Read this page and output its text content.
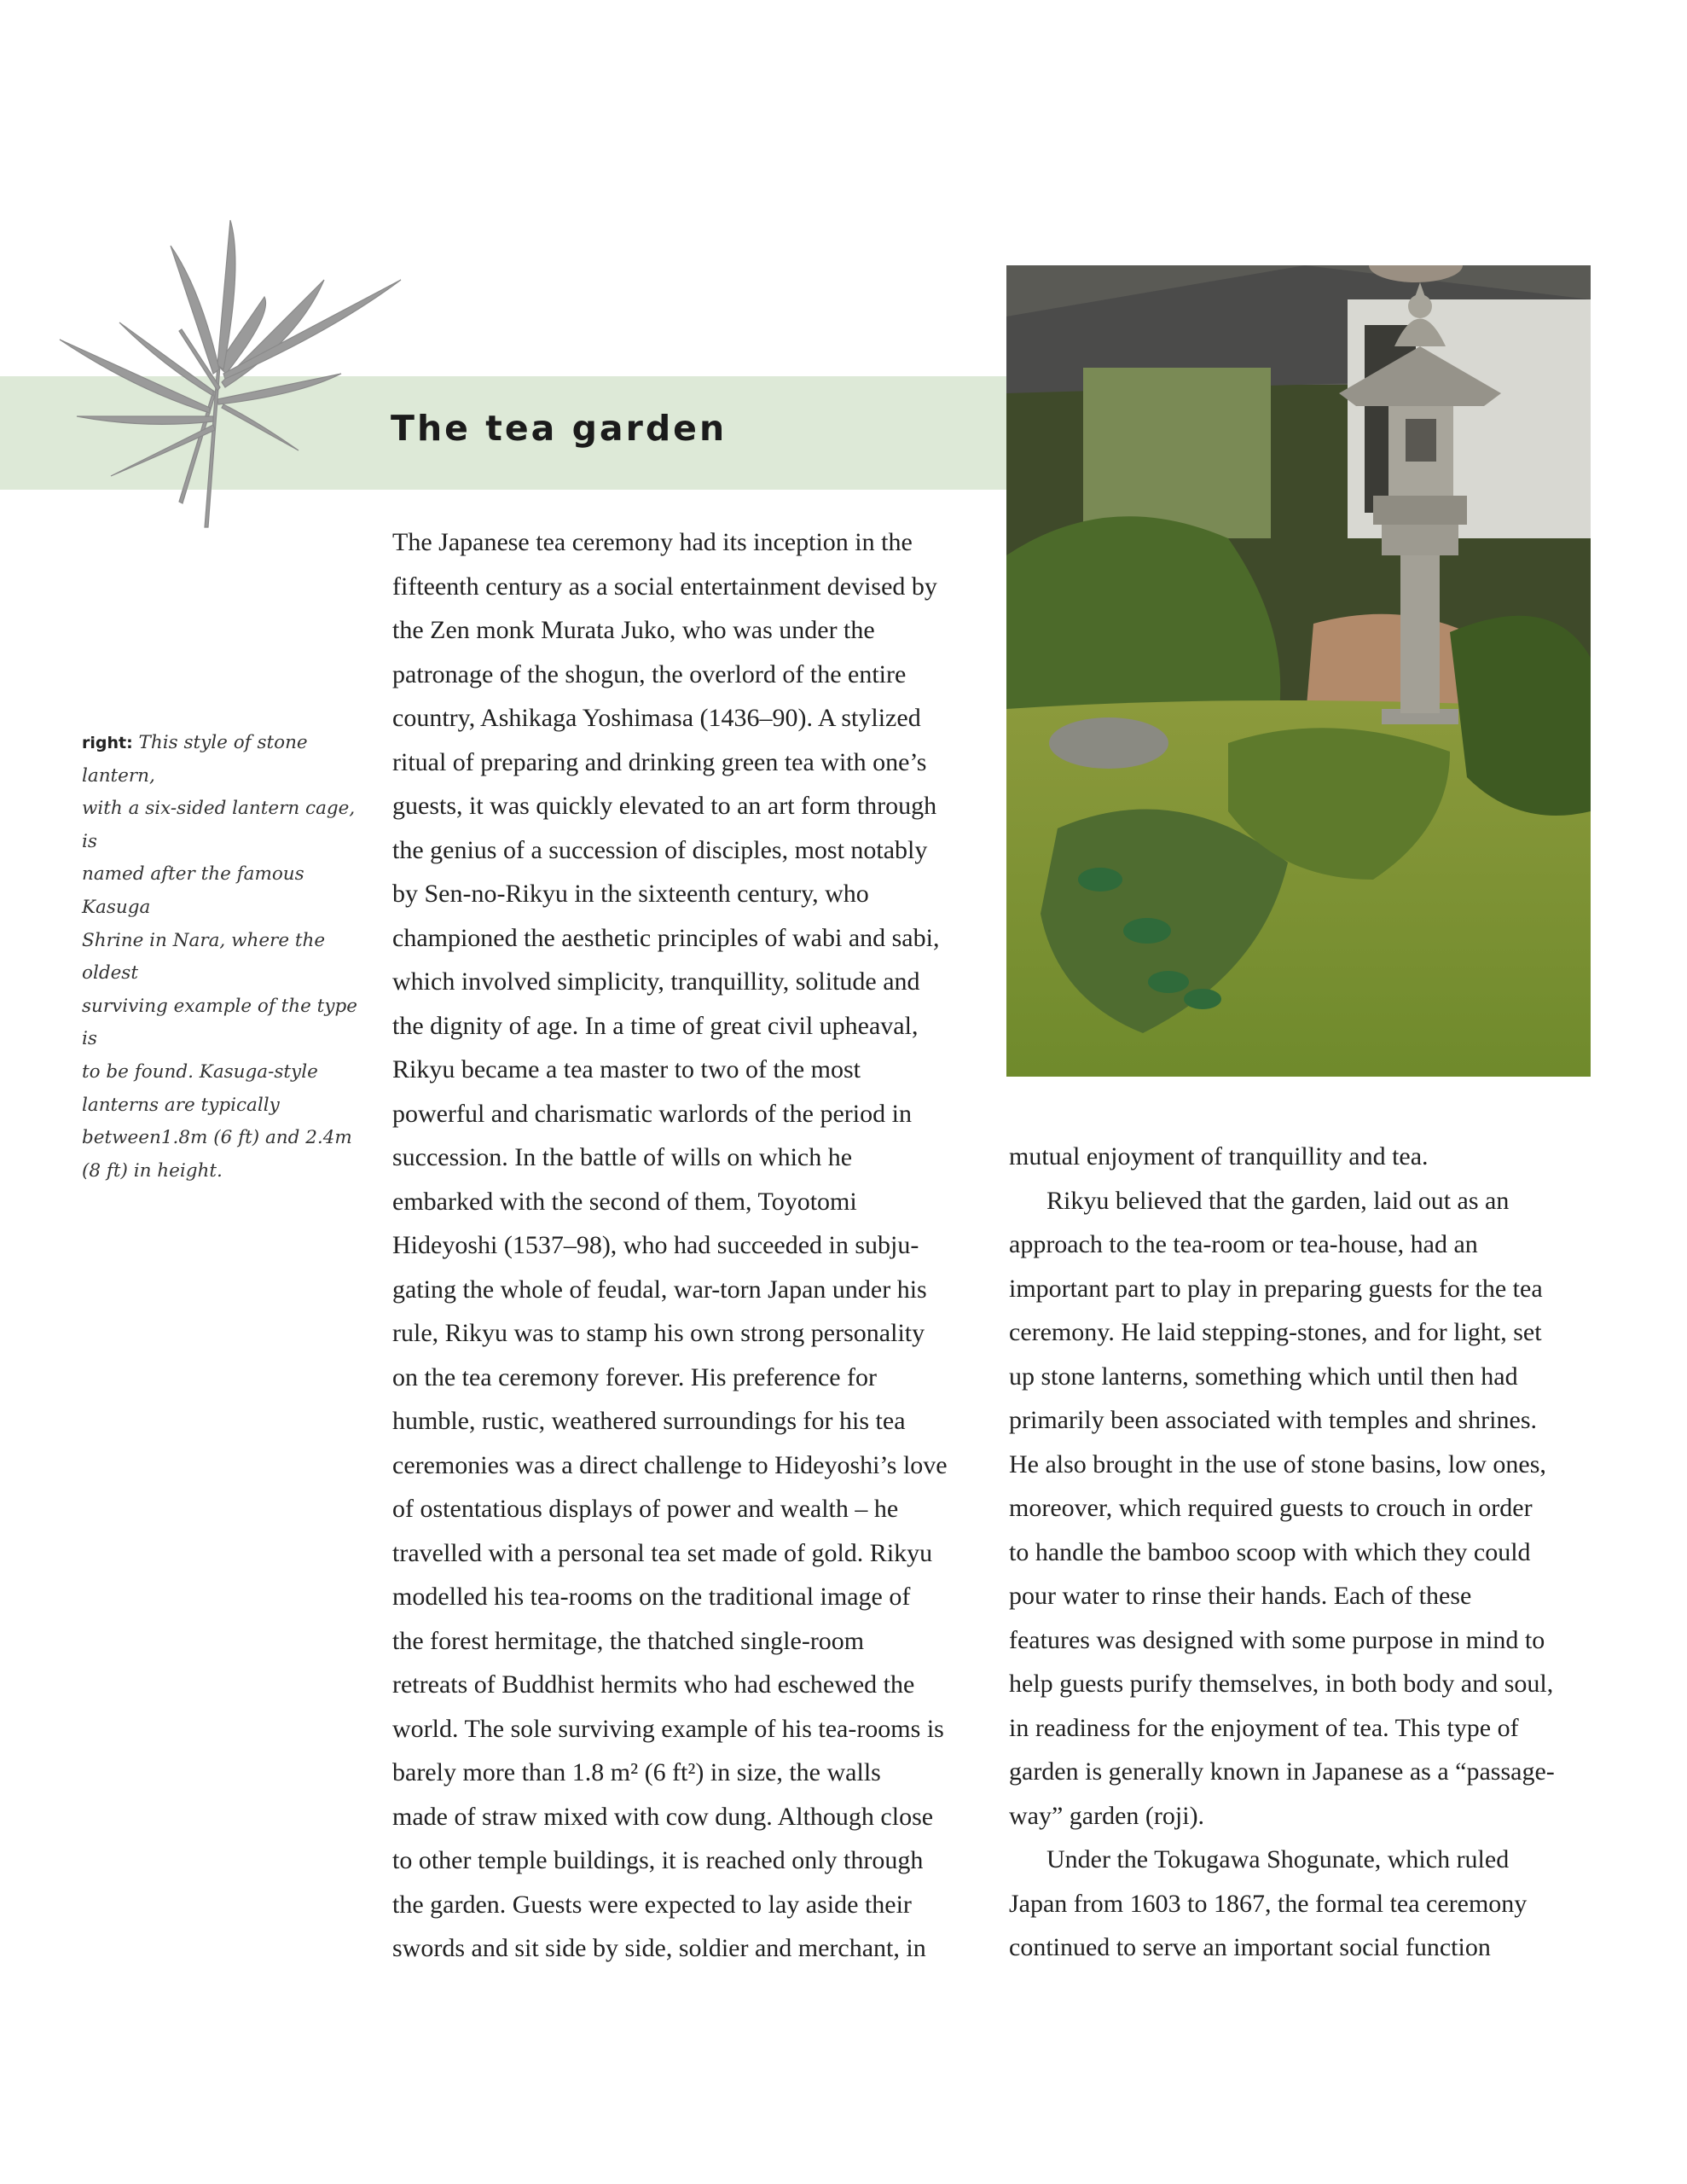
The tea garden

right: This style of stone lantern,
with a six-sided lantern cage, is
named after the famous Kasuga
Shrine in Nara, where the oldest
surviving example of the type is
to be found. Kasuga-style
lanterns are typically
between1.8m (6 ft) and 2.4m
(8 ft) in height.

The Japanese tea ceremony had its inception in the

fifteenth century as a social entertainment devised by

the Zen monk Murata Juko, who was under the

patronage of the shogun, the overlord of the entire

country, Ashikaga Yoshimasa (1436–90). A stylized

ritual of preparing and drinking green tea with one’s

guests, it was quickly elevated to an art form through

the genius of a succession of disciples, most notably

by Sen-no-Rikyu in the sixteenth century, who

championed the aesthetic principles of wabi and sabi,

which involved simplicity, tranquillity, solitude and

the dignity of age. In a time of great civil upheaval,

Rikyu became a tea master to two of the most

powerful and charismatic warlords of the period in

succession. In the battle of wills on which he

embarked with the second of them, Toyotomi

Hideyoshi (1537–98), who had succeeded in subju-

gating the whole of feudal, war-torn Japan under his

rule, Rikyu was to stamp his own strong personality

on the tea ceremony forever. His preference for

humble, rustic, weathered surroundings for his tea

ceremonies was a direct challenge to Hideyoshi’s love

of ostentatious displays of power and wealth – he

travelled with a personal tea set made of gold. Rikyu

modelled his tea-rooms on the traditional image of

the forest hermitage, the thatched single-room

retreats of Buddhist hermits who had eschewed the

world. The sole surviving example of his tea-rooms is

barely more than 1.8 m² (6 ft²) in size, the walls

made of straw mixed with cow dung. Although close

to other temple buildings, it is reached only through

the garden. Guests were expected to lay aside their

swords and sit side by side, soldier and merchant, in

mutual enjoyment of tranquillity and tea.

Rikyu believed that the garden, laid out as an

approach to the tea-room or tea-house, had an

important part to play in preparing guests for the tea

ceremony. He laid stepping-stones, and for light, set

up stone lanterns, something which until then had

primarily been associated with temples and shrines.

He also brought in the use of stone basins, low ones,

moreover, which required guests to crouch in order

to handle the bamboo scoop with which they could

pour water to rinse their hands. Each of these

features was designed with some purpose in mind to

help guests purify themselves, in both body and soul,

in readiness for the enjoyment of tea. This type of

garden is generally known in Japanese as a “passage-

way” garden (roji).

Under the Tokugawa Shogunate, which ruled

Japan from 1603 to 1867, the formal tea ceremony

continued to serve an important social function
